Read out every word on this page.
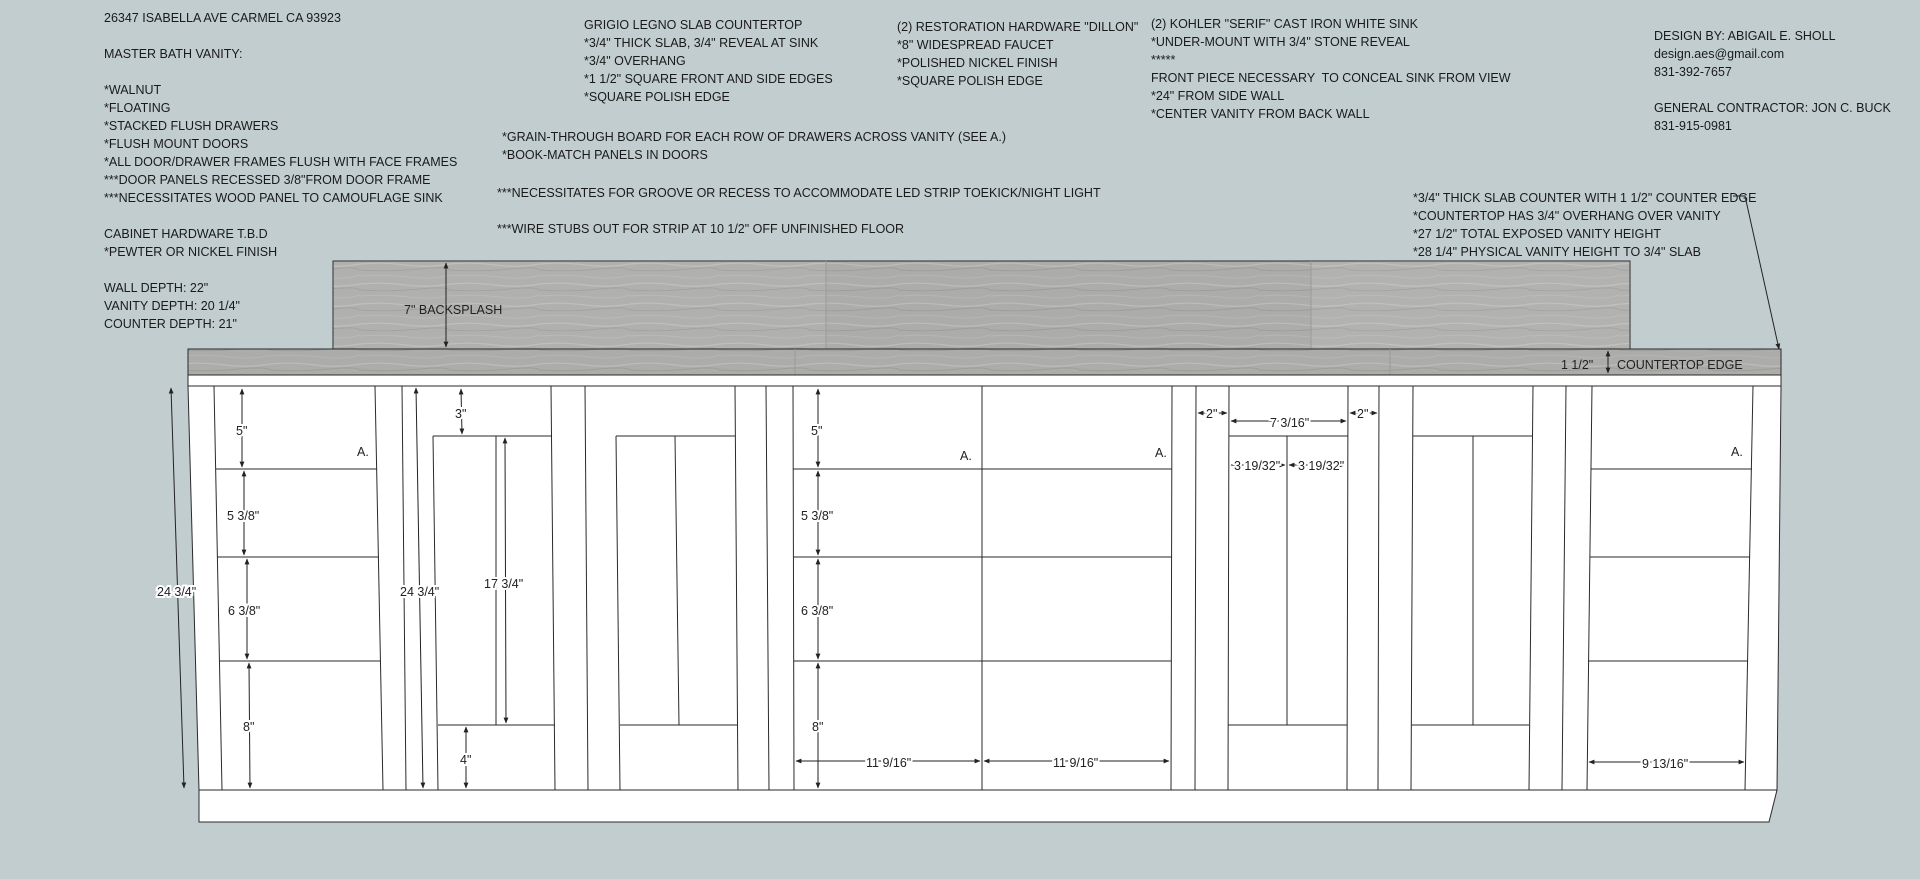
26347 ISABELLA AVE CARMEL CA 93923

MASTER BATH VANITY:

*WALNUT
*FLOATING
*STACKED FLUSH DRAWERS
*FLUSH MOUNT DOORS
*ALL DOOR/DRAWER FRAMES FLUSH WITH FACE FRAMES
***DOOR PANELS RECESSED 3/8"FROM DOOR FRAME
***NECESSITATES WOOD PANEL TO CAMOUFLAGE SINK

CABINET HARDWARE T.B.D
*PEWTER OR NICKEL FINISH

WALL DEPTH: 22"
VANITY DEPTH: 20 1/4"
COUNTER DEPTH: 21"
GRIGIO LEGNO SLAB COUNTERTOP
*3/4" THICK SLAB, 3/4" REVEAL AT SINK
*3/4" OVERHANG
*1 1/2" SQUARE FRONT AND SIDE EDGES
*SQUARE POLISH EDGE
(2) RESTORATION HARDWARE "DILLON"
*8" WIDESPREAD FAUCET
*POLISHED NICKEL FINISH
*SQUARE POLISH EDGE
(2) KOHLER "SERIF" CAST IRON WHITE SINK
*UNDER-MOUNT WITH 3/4" STONE REVEAL
*****
FRONT PIECE NECESSARY  TO CONCEAL SINK FROM VIEW
*24" FROM SIDE WALL
*CENTER VANITY FROM BACK WALL
DESIGN BY: ABIGAIL E. SHOLL
design.aes@gmail.com
831-392-7657

GENERAL CONTRACTOR: JON C. BUCK
831-915-0981
*GRAIN-THROUGH BOARD FOR EACH ROW OF DRAWERS ACROSS VANITY (SEE A.)
*BOOK-MATCH PANELS IN DOORS
***NECESSITATES FOR GROOVE OR RECESS TO ACCOMMODATE LED STRIP TOEKICK/NIGHT LIGHT
***WIRE STUBS OUT FOR STRIP AT 10 1/2" OFF UNFINISHED FLOOR
*3/4" THICK SLAB COUNTER WITH 1 1/2" COUNTER EDGE
*COUNTERTOP HAS 3/4" OVERHANG OVER VANITY
*27 1/2" TOTAL EXPOSED VANITY HEIGHT
*28 1/4" PHYSICAL VANITY HEIGHT TO 3/4" SLAB
7" BACKSPLASH
1 1/2" COUNTERTOP EDGE
A.	A.	A.	A.
5"
5 3/8"
6 3/8"
8"
24 3/4"	24 3/4"
3"
17 3/4"
4"
5"
5 3/8"
6 3/8"
8"
11 9/16"	11 9/16"
2"
7 3/16"
2"
3 19/32" 3 19/32"
9 13/16"
